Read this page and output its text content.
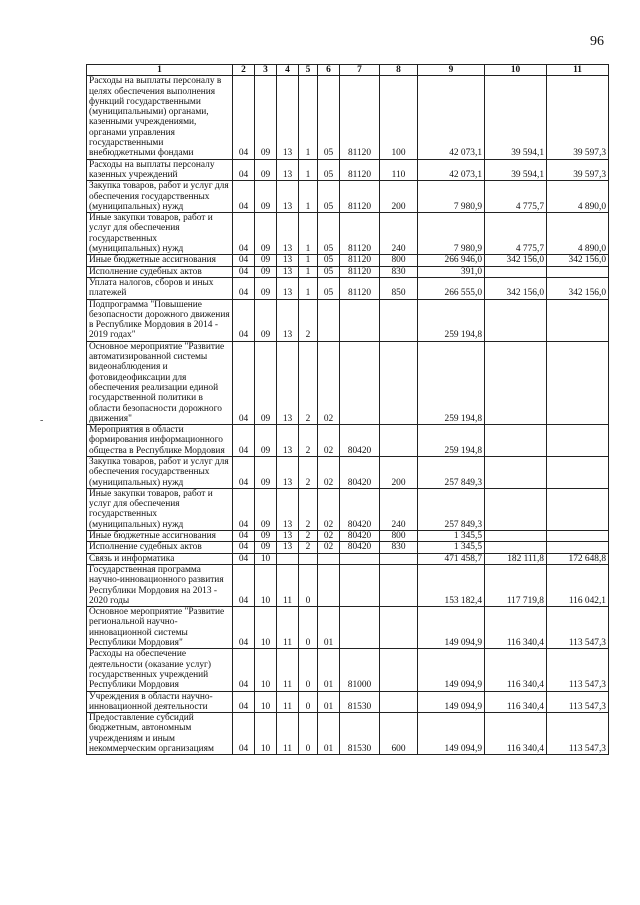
96
-
1	2	3	4	5	6	7	8	9	10	11
Расходы на выплаты персоналу в целях обеспечения выполнения функций государственными (муниципальными) органами, казенными учреждениями, органами управления государственными внебюджетными фондами	04	09	13	1	05	81120	100	42 073,1	39 594,1	39 597,3
Расходы на выплаты персоналу казенных учреждений	04	09	13	1	05	81120	110	42 073,1	39 594,1	39 597,3
Закупка товаров, работ и услуг для обеспечения государственных (муниципальных) нужд	04	09	13	1	05	81120	200	7 980,9	4 775,7	4 890,0
Иные закупки товаров, работ и услуг для обеспечения государственных (муниципальных) нужд	04	09	13	1	05	81120	240	7 980,9	4 775,7	4 890,0
Иные бюджетные ассигнования	04	09	13	1	05	81120	800	266 946,0	342 156,0	342 156,0
Исполнение судебных актов	04	09	13	1	05	81120	830	391,0		
Уплата налогов, сборов и иных платежей	04	09	13	1	05	81120	850	266 555,0	342 156,0	342 156,0
Подпрограмма "Повышение безопасности дорожного движения в Республике Мордовия в 2014 - 2019 годах"	04	09	13	2				259 194,8		
Основное мероприятие "Развитие автоматизированной системы видеонаблюдения и фотовидеофиксации для обеспечения реализации единой государственной политики в области безопасности дорожного движения"	04	09	13	2	02			259 194,8		
Мероприятия в области формирования информационного общества в Республике Мордовия	04	09	13	2	02	80420		259 194,8		
Закупка товаров, работ и услуг для обеспечения государственных (муниципальных) нужд	04	09	13	2	02	80420	200	257 849,3		
Иные закупки товаров, работ и услуг для обеспечения государственных (муниципальных) нужд	04	09	13	2	02	80420	240	257 849,3		
Иные бюджетные ассигнования	04	09	13	2	02	80420	800	1 345,5		
Исполнение судебных актов	04	09	13	2	02	80420	830	1 345,5		
Связь и информатика	04	10						471 458,7	182 111,8	172 648,8
Государственная программа научно-инновационного развития Республики Мордовия на 2013 - 2020 годы	04	10	11	0				153 182,4	117 719,8	116 042,1
Основное мероприятие "Развитие региональной научно-инновационной системы Республики Мордовия"	04	10	11	0	01			149 094,9	116 340,4	113 547,3
Расходы на обеспечение деятельности (оказание услуг) государственных учреждений Республики Мордовия	04	10	11	0	01	81000		149 094,9	116 340,4	113 547,3
Учреждения в области научно-инновационной деятельности	04	10	11	0	01	81530		149 094,9	116 340,4	113 547,3
Предоставление субсидий бюджетным, автономным учреждениям и иным некоммерческим организациям	04	10	11	0	01	81530	600	149 094,9	116 340,4	113 547,3
